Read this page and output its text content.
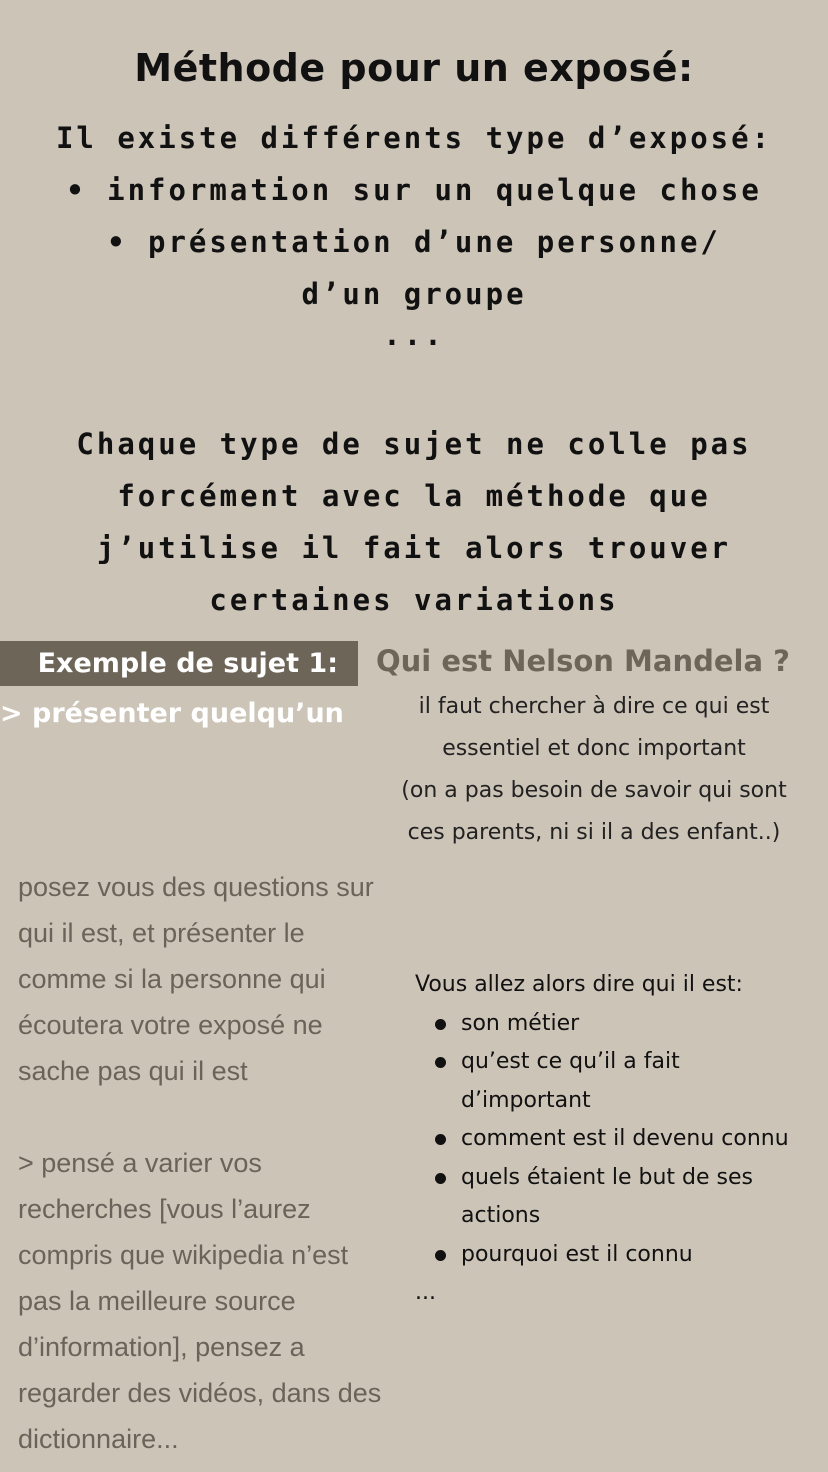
Méthode pour un exposé:
Il existe différents type d’exposé:
• information sur un quelque chose
• présentation d’une personne/
d’un groupe
...
Chaque type de sujet ne colle pas
forcément avec la méthode que
j’utilise il fait alors trouver
certaines variations
Exemple de sujet 1:
> présenter quelqu’un
Qui est Nelson Mandela ?
il faut chercher à dire ce qui est
essentiel et donc important
(on a pas besoin de savoir qui sont
ces parents, ni si il a des enfant..)
posez vous des questions sur
qui il est, et présenter le
comme si la personne qui
écoutera votre exposé ne
sache pas qui il est
> pensé a varier vos
recherches [vous l’aurez
compris que wikipedia n’est
pas la meilleure source
d’information], pensez a
regarder des vidéos, dans des
dictionnaire...
Vous allez alors dire qui il est:
son métier
qu’est ce qu’il a fait
d’important
comment est il devenu connu
quels étaient le but de ses
actions
pourquoi est il connu
...
